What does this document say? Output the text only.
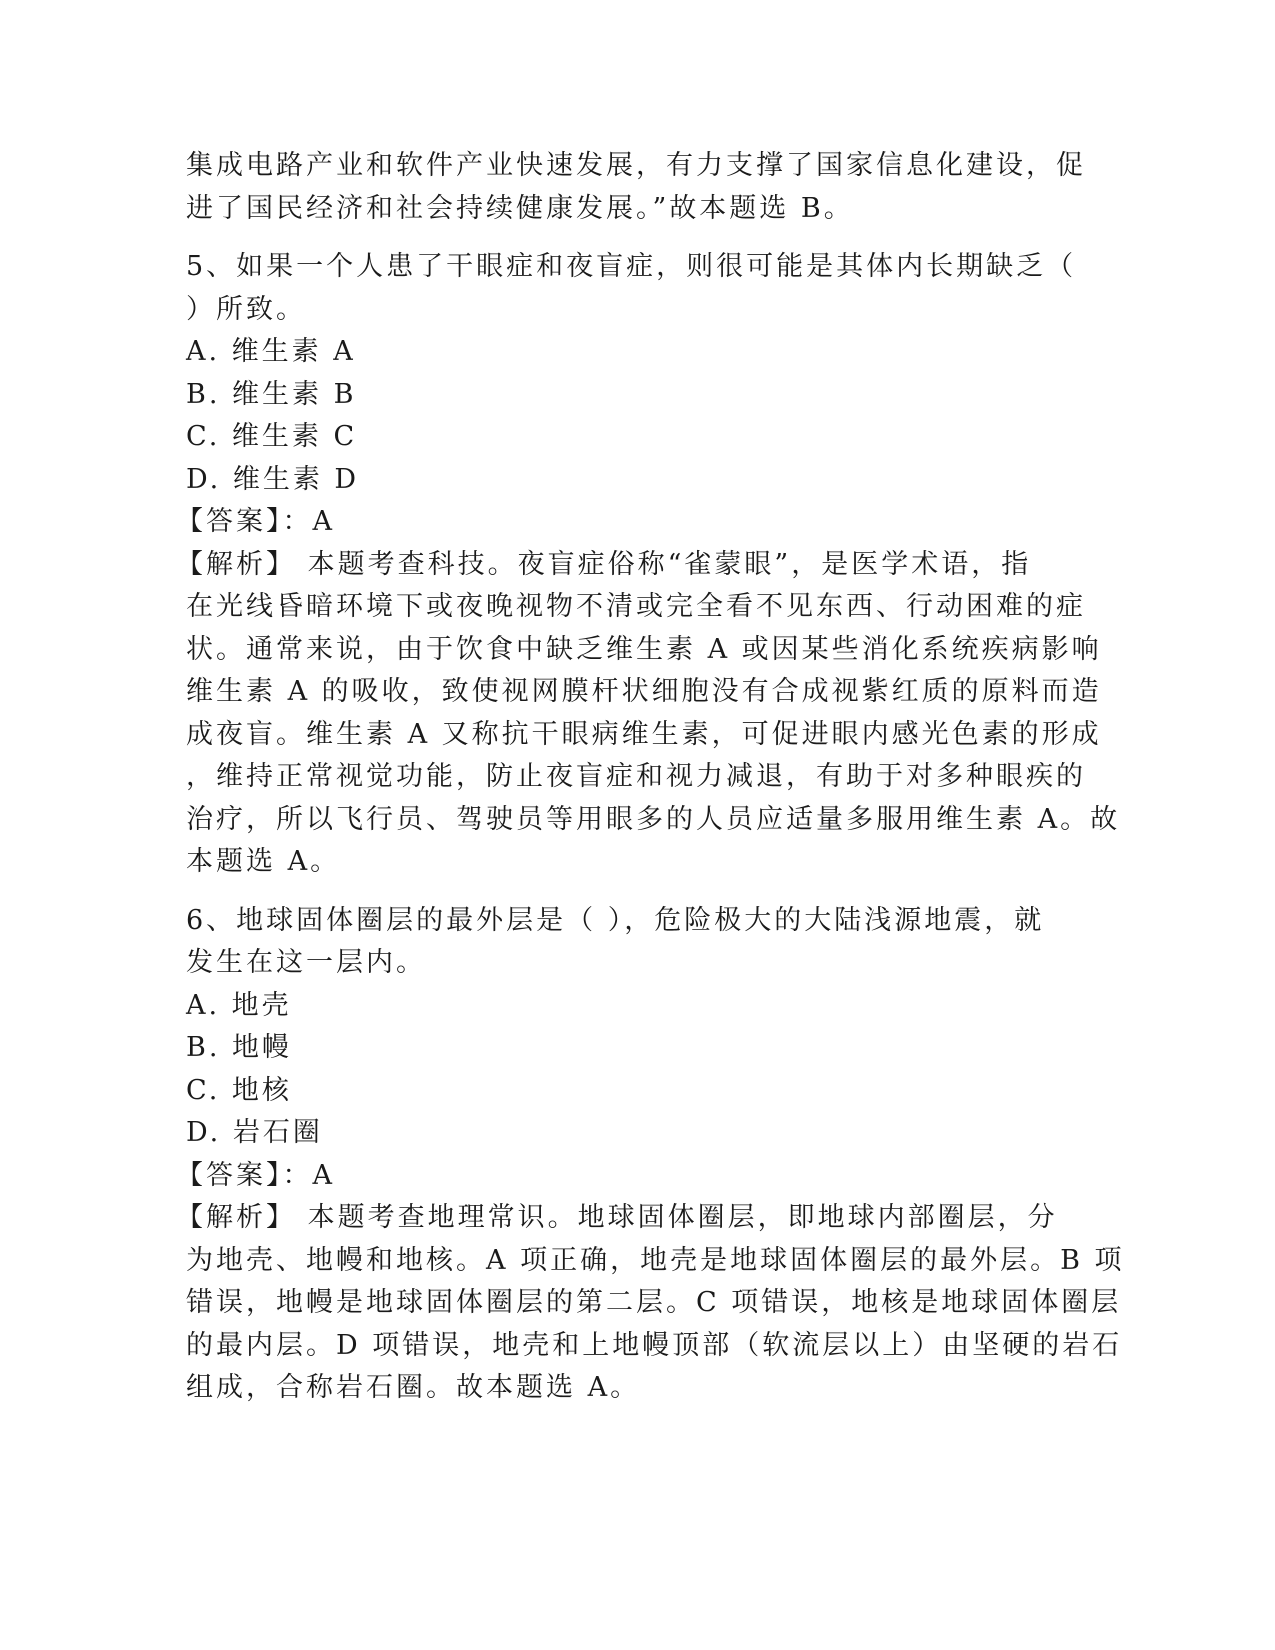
集成电路产业和软件产业快速发展，有力支撑了国家信息化建设，促
进了国民经济和社会持续健康发展。”故本题选 B。
5、如果一个人患了干眼症和夜盲症，则很可能是其体内长期缺乏（
）所致。
A. 维生素 A
B. 维生素 B
C. 维生素 C
D. 维生素 D
【答案】：A
【解析】 本题考查科技。夜盲症俗称“雀蒙眼”，是医学术语，指
在光线昏暗环境下或夜晚视物不清或完全看不见东西、行动困难的症
状。通常来说，由于饮食中缺乏维生素 A 或因某些消化系统疾病影响
维生素 A 的吸收，致使视网膜杆状细胞没有合成视紫红质的原料而造
成夜盲。维生素 A 又称抗干眼病维生素，可促进眼内感光色素的形成
，维持正常视觉功能，防止夜盲症和视力减退，有助于对多种眼疾的
治疗，所以飞行员、驾驶员等用眼多的人员应适量多服用维生素 A。故
本题选 A。
6、地球固体圈层的最外层是（ ），危险极大的大陆浅源地震，就
发生在这一层内。
A. 地壳
B. 地幔
C. 地核
D. 岩石圈
【答案】：A
【解析】 本题考查地理常识。地球固体圈层，即地球内部圈层，分
为地壳、地幔和地核。A 项正确，地壳是地球固体圈层的最外层。B 项
错误，地幔是地球固体圈层的第二层。C 项错误，地核是地球固体圈层
的最内层。D 项错误，地壳和上地幔顶部（软流层以上）由坚硬的岩石
组成，合称岩石圈。故本题选 A。
